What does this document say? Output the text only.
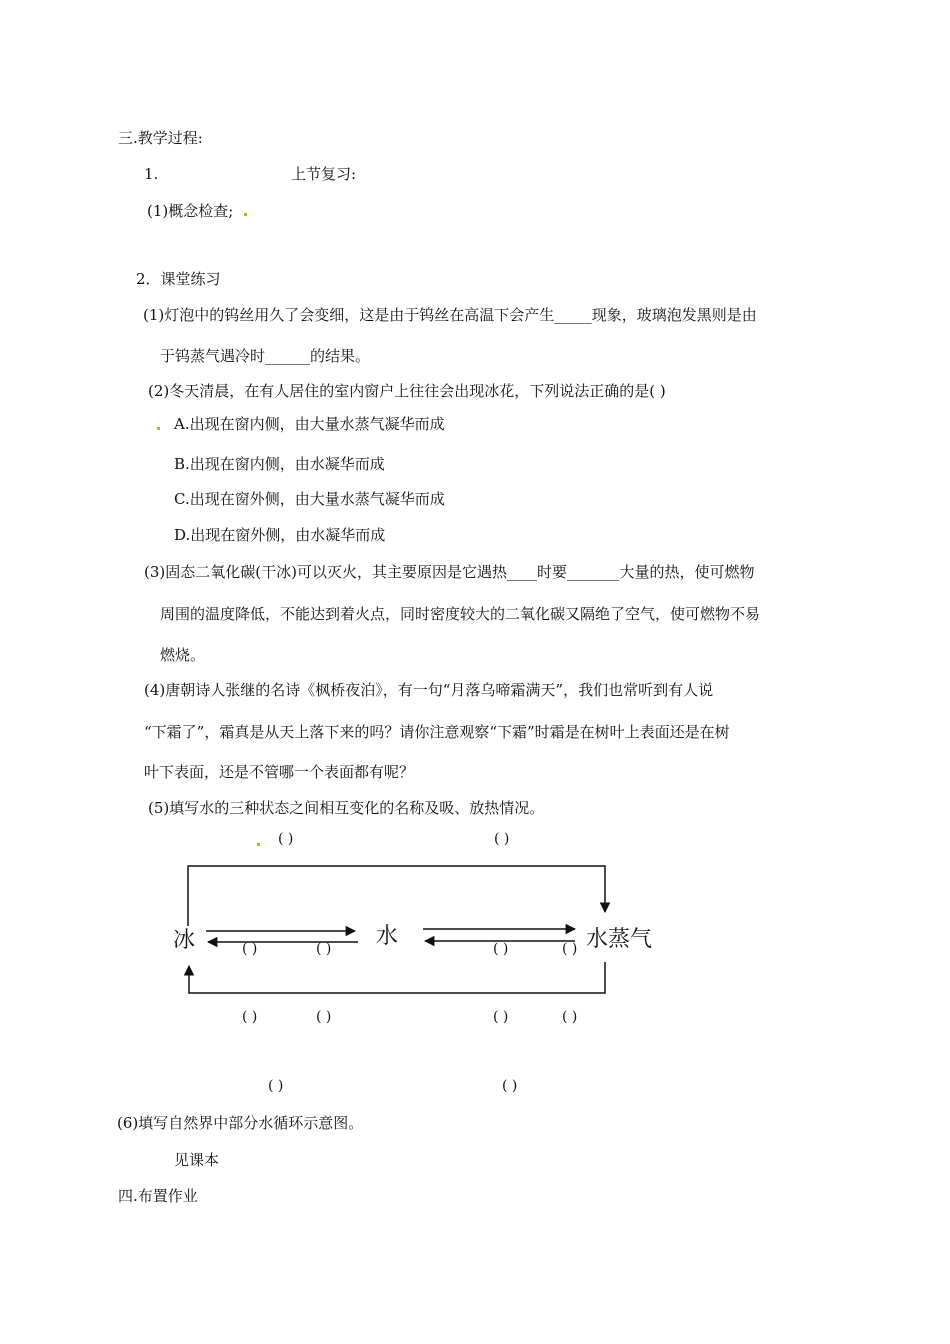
三.教学过程:
1.	上节复习:
(1)概念检查;
2．课堂练习
(1)灯泡中的钨丝用久了会变细，这是由于钨丝在高温下会产生_____现象，玻璃泡发黑则是由
于钨蒸气遇冷时______的结果。
(2)冬天清晨，在有人居住的室内窗户上往往会出现冰花，下列说法正确的是( )
A.出现在窗内侧，由大量水蒸气凝华而成
B.出现在窗内侧，由水凝华而成
C.出现在窗外侧，由大量水蒸气凝华而成
D.出现在窗外侧，由水凝华而成
(3)固态二氧化碳(干冰)可以灭火，其主要原因是它遇热____时要_______大量的热，使可燃物
周围的温度降低，不能达到着火点，同时密度较大的二氧化碳又隔绝了空气，使可燃物不易
燃烧。
(4)唐朝诗人张继的名诗《枫桥夜泊》，有一句“月落乌啼霜满天”，我们也常听到有人说
“下霜了”，霜真是从天上落下来的吗？请你注意观察“下霜”时霜是在树叶上表面还是在树
叶下表面，还是不管哪一个表面都有呢？
(5)填写水的三种状态之间相互变化的名称及吸、放热情况。
( )	( )
冰	水	水蒸气
( )	( )	( )	( )
( )	( )	( )	( )
( )	( )
(6)填写自然界中部分水循环示意图。
见课本
四.布置作业
